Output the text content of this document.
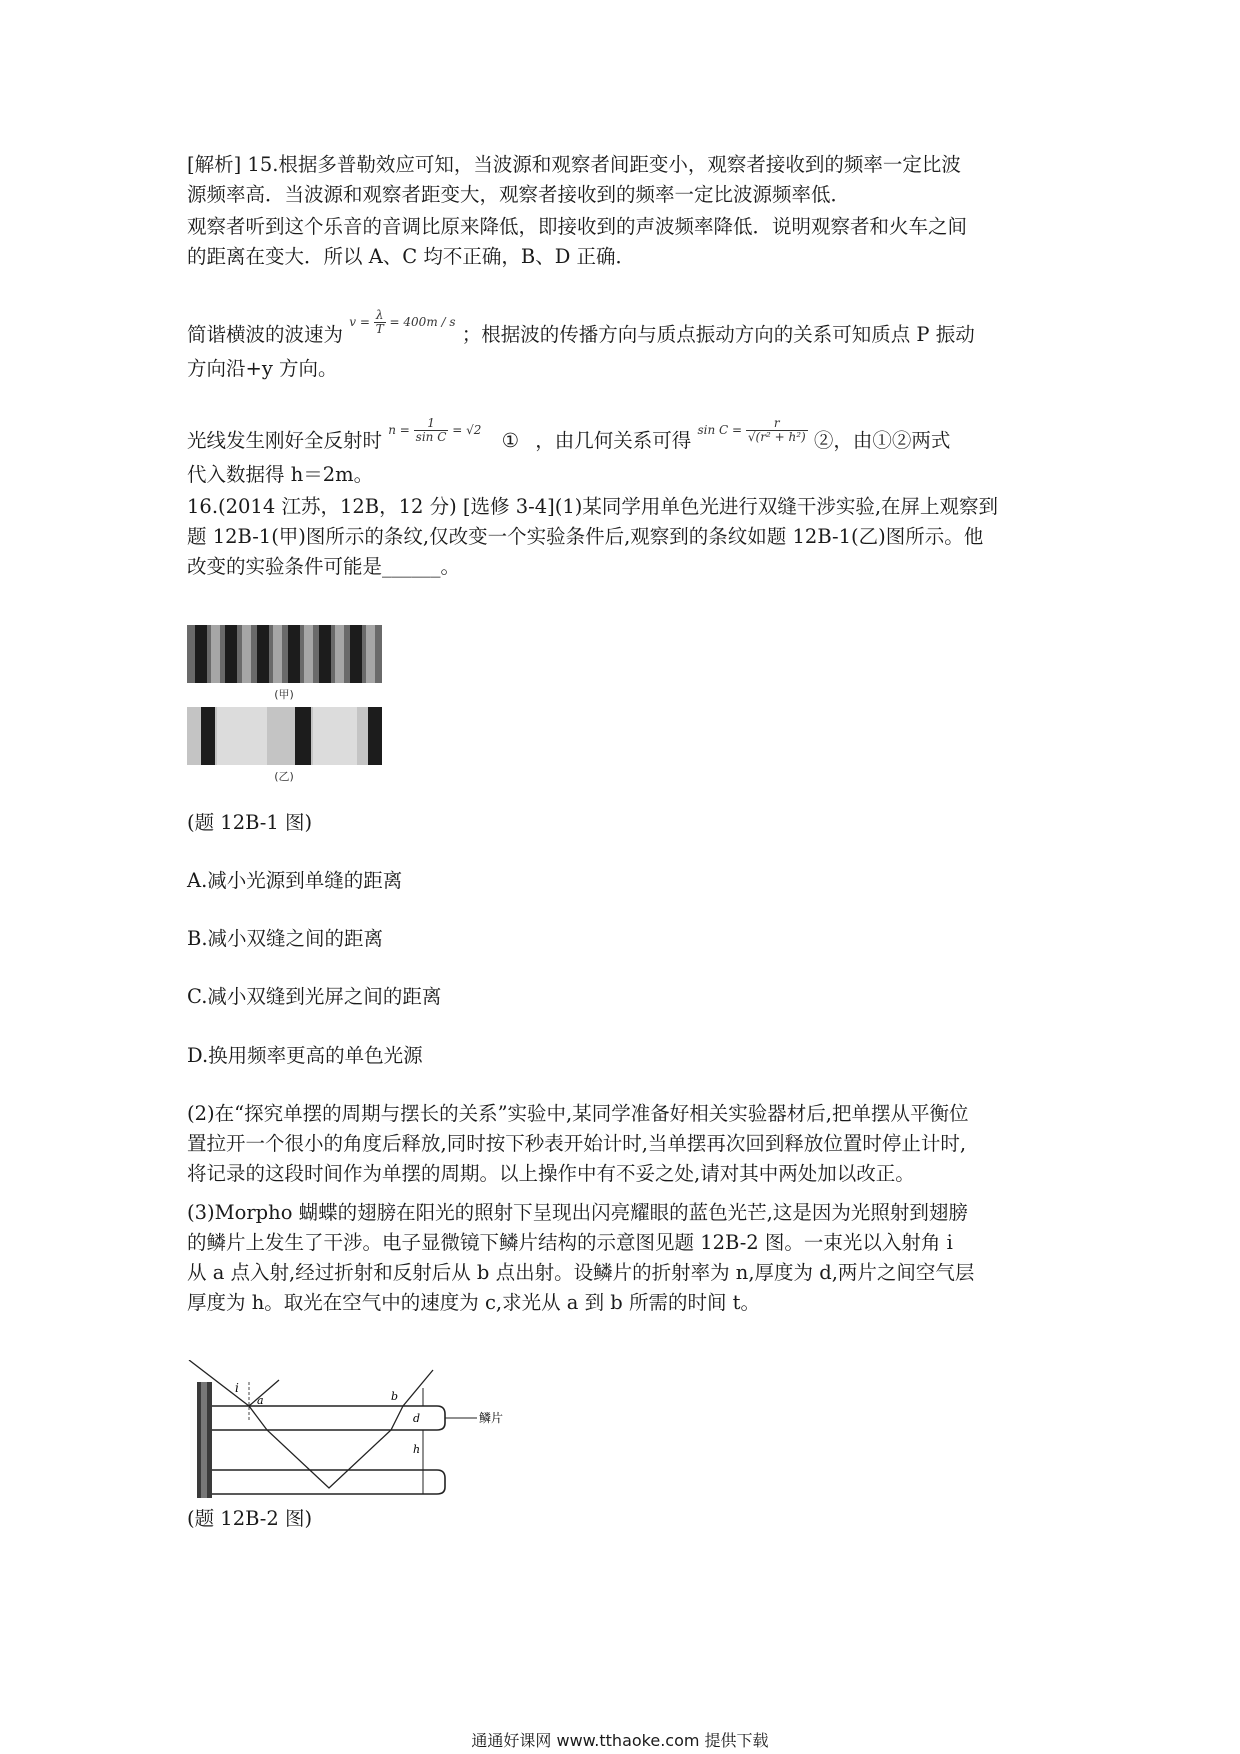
[解析] 15.根据多普勒效应可知，当波源和观察者间距变小，观察者接收到的频率一定比波
源频率高．当波源和观察者距变大，观察者接收到的频率一定比波源频率低．
观察者听到这个乐音的音调比原来降低，即接收到的声波频率降低．说明观察者和火车之间
的距离在变大．所以 A、C 均不正确，B、D 正确．
简谐横波的波速为 $v = \frac{\lambda}{T} = 400m / s$ ；根据波的传播方向与质点振动方向的关系可知质点 P 振动
方向沿+y 方向。
光线发生刚好全反射时 $n = \frac{1}{\text{sin C}} = √2$ ① ，由几何关系可得 $\sin C = \frac{r}{\text{√(r² + h²)}}$ ②，由①②两式
代入数据得 h＝2m。
16.(2014 江苏，12B，12 分) [选修 3-4](1)某同学用单色光进行双缝干涉实验,在屏上观察到
题 12B-1(甲)图所示的条纹,仅改变一个实验条件后,观察到的条纹如题 12B-1(乙)图所示。他
改变的实验条件可能是______。
(甲)
(乙)
(题 12B-1 图)
A.减小光源到单缝的距离
B.减小双缝之间的距离
C.减小双缝到光屏之间的距离
D.换用频率更高的单色光源
(2)在“探究单摆的周期与摆长的关系”实验中,某同学准备好相关实验器材后,把单摆从平衡位
置拉开一个很小的角度后释放,同时按下秒表开始计时,当单摆再次回到释放位置时停止计时,
将记录的这段时间作为单摆的周期。以上操作中有不妥之处,请对其中两处加以改正。
(3)Morpho 蝴蝶的翅膀在阳光的照射下呈现出闪亮耀眼的蓝色光芒,这是因为光照射到翅膀
的鳞片上发生了干涉。电子显微镜下鳞片结构的示意图见题 12B-2 图。一束光以入射角 i
从 a 点入射,经过折射和反射后从 b 点出射。设鳞片的折射率为 n,厚度为 d,两片之间空气层
厚度为 h。取光在空气中的速度为 c,求光从 a 到 b 所需的时间 t。
i
a	b
d
h
鳞片
(题 12B-2 图)
通通好课网 www.tthaoke.com 提供下载
